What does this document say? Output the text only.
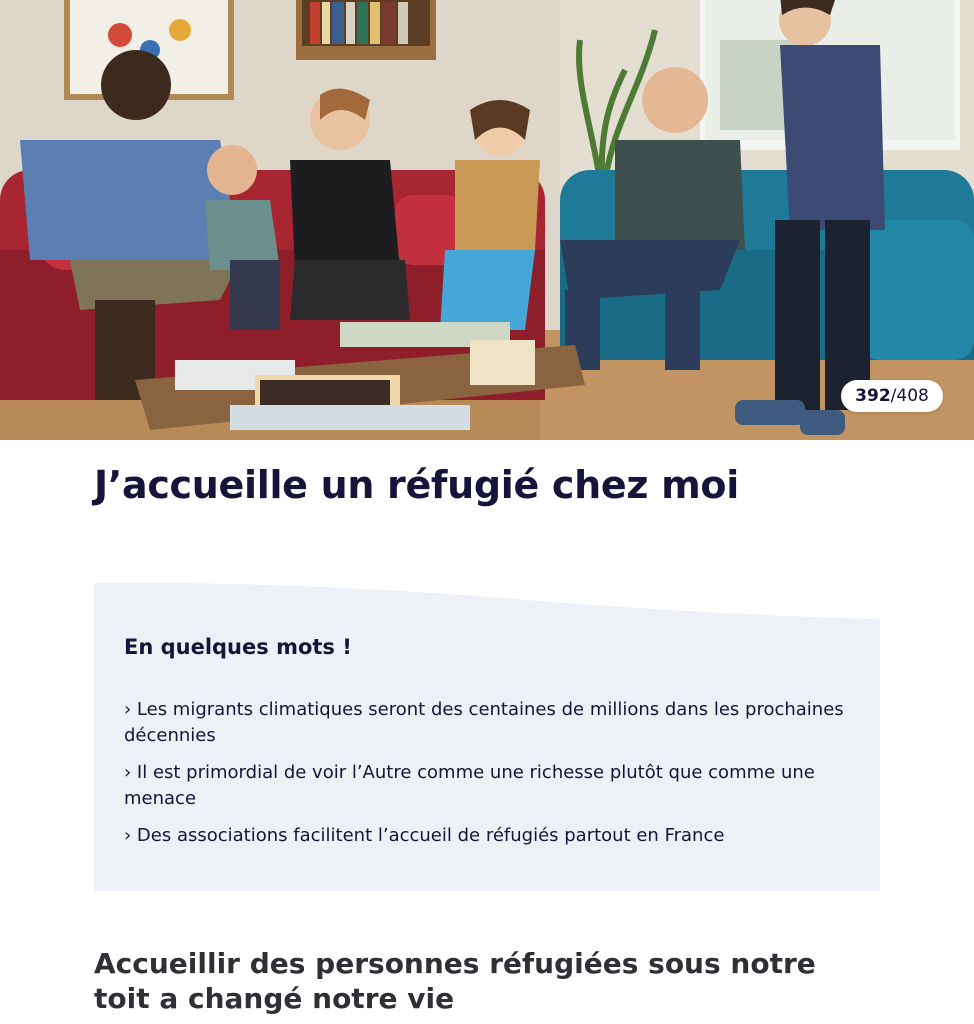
392 / 408
J’accueille un réfugié chez moi
En quelques mots !
› Les migrants climatiques seront des centaines de millions dans les prochaines décennies
› Il est primordial de voir l’Autre comme une richesse plutôt que comme une menace
› Des associations facilitent l’accueil de réfugiés partout en France
Accueillir des personnes réfugiées sous notre toit a changé notre vie
